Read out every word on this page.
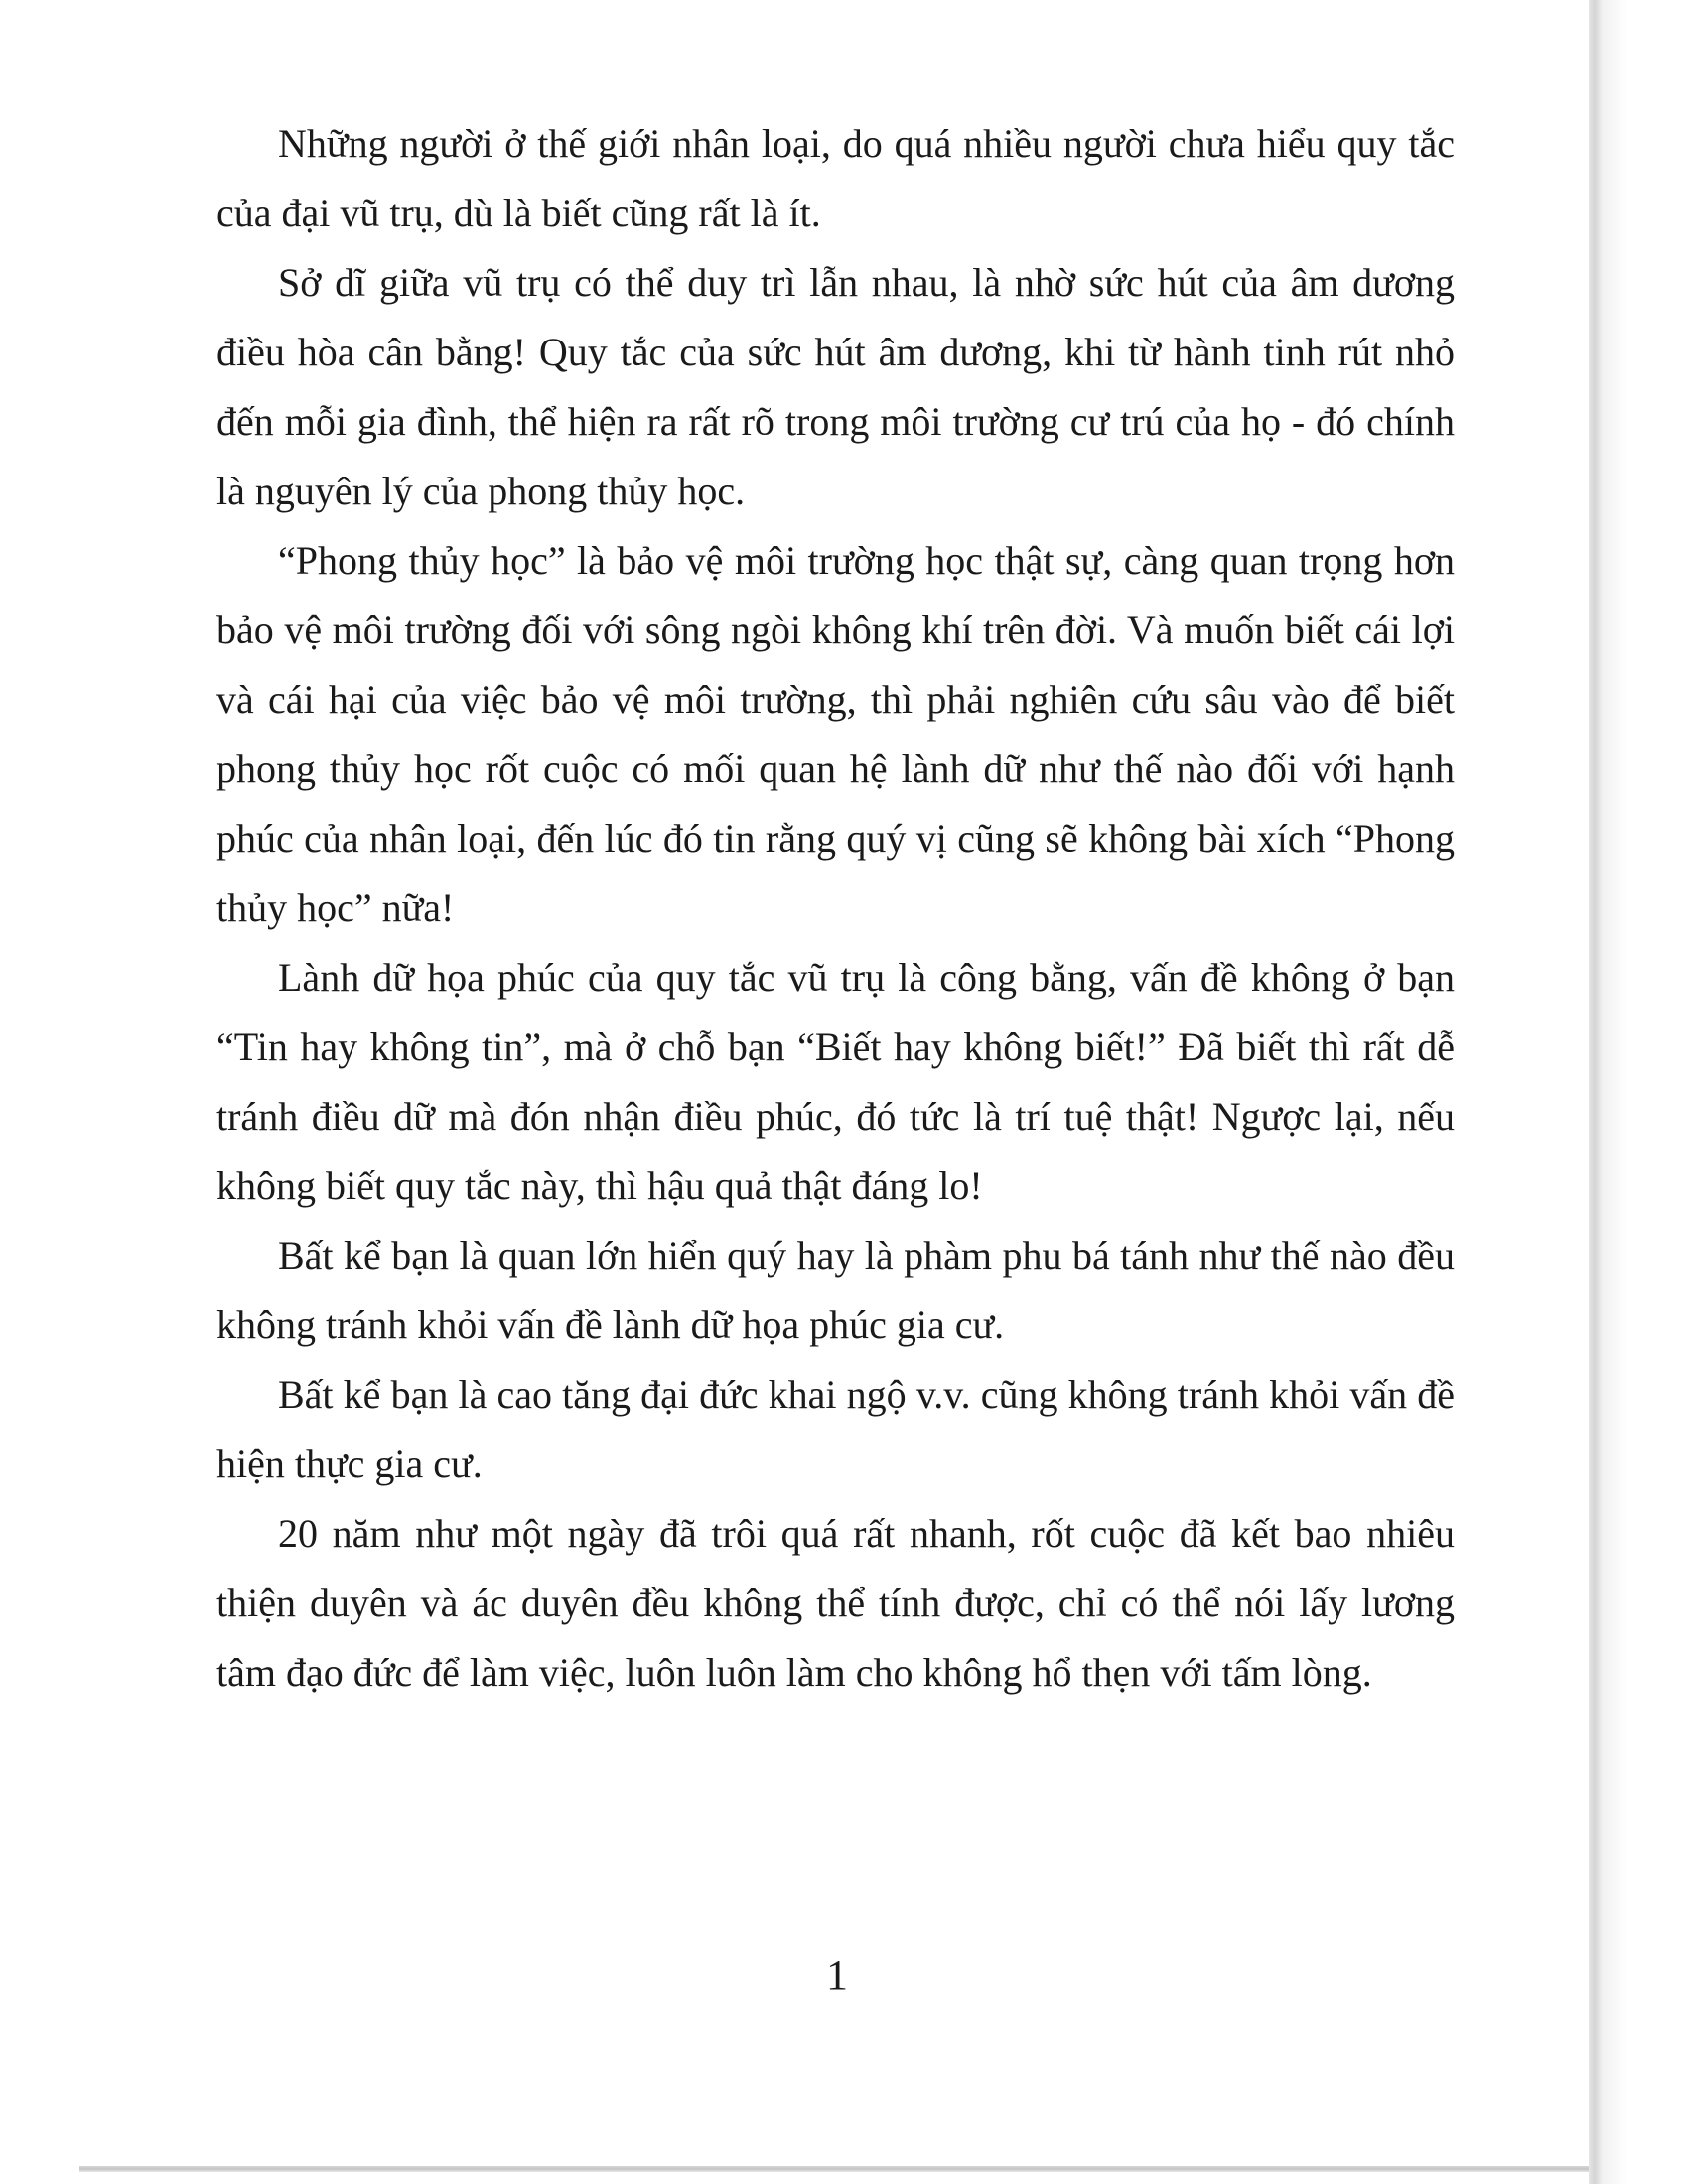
Những người ở thế giới nhân loại, do quá nhiều người chưa hiểu quy tắc của đại vũ trụ, dù là biết cũng rất là ít.

Sở dĩ giữa vũ trụ có thể duy trì lẫn nhau, là nhờ sức hút của âm dương điều hòa cân bằng! Quy tắc của sức hút âm dương, khi từ hành tinh rút nhỏ đến mỗi gia đình, thể hiện ra rất rõ trong môi trường cư trú của họ - đó chính là nguyên lý của phong thủy học.

“Phong thủy học” là bảo vệ môi trường học thật sự, càng quan trọng hơn bảo vệ môi trường đối với sông ngòi không khí trên đời. Và muốn biết cái lợi và cái hại của việc bảo vệ môi trường, thì phải nghiên cứu sâu vào để biết phong thủy học rốt cuộc có mối quan hệ lành dữ như thế nào đối với hạnh phúc của nhân loại, đến lúc đó tin rằng quý vị cũng sẽ không bài xích “Phong thủy học” nữa!

Lành dữ họa phúc của quy tắc vũ trụ là công bằng, vấn đề không ở bạn “Tin hay không tin”, mà ở chỗ bạn “Biết hay không biết!” Đã biết thì rất dễ tránh điều dữ mà đón nhận điều phúc, đó tức là trí tuệ thật! Ngược lại, nếu không biết quy tắc này, thì hậu quả thật đáng lo!

Bất kể bạn là quan lớn hiển quý hay là phàm phu bá tánh như thế nào đều không tránh khỏi vấn đề lành dữ họa phúc gia cư.

Bất kể bạn là cao tăng đại đức khai ngộ v.v. cũng không tránh khỏi vấn đề hiện thực gia cư.

20 năm như một ngày đã trôi quá rất nhanh, rốt cuộc đã kết bao nhiêu thiện duyên và ác duyên đều không thể tính được, chỉ có thể nói lấy lương tâm đạo đức để làm việc, luôn luôn làm cho không hổ thẹn với tấm lòng.

1
